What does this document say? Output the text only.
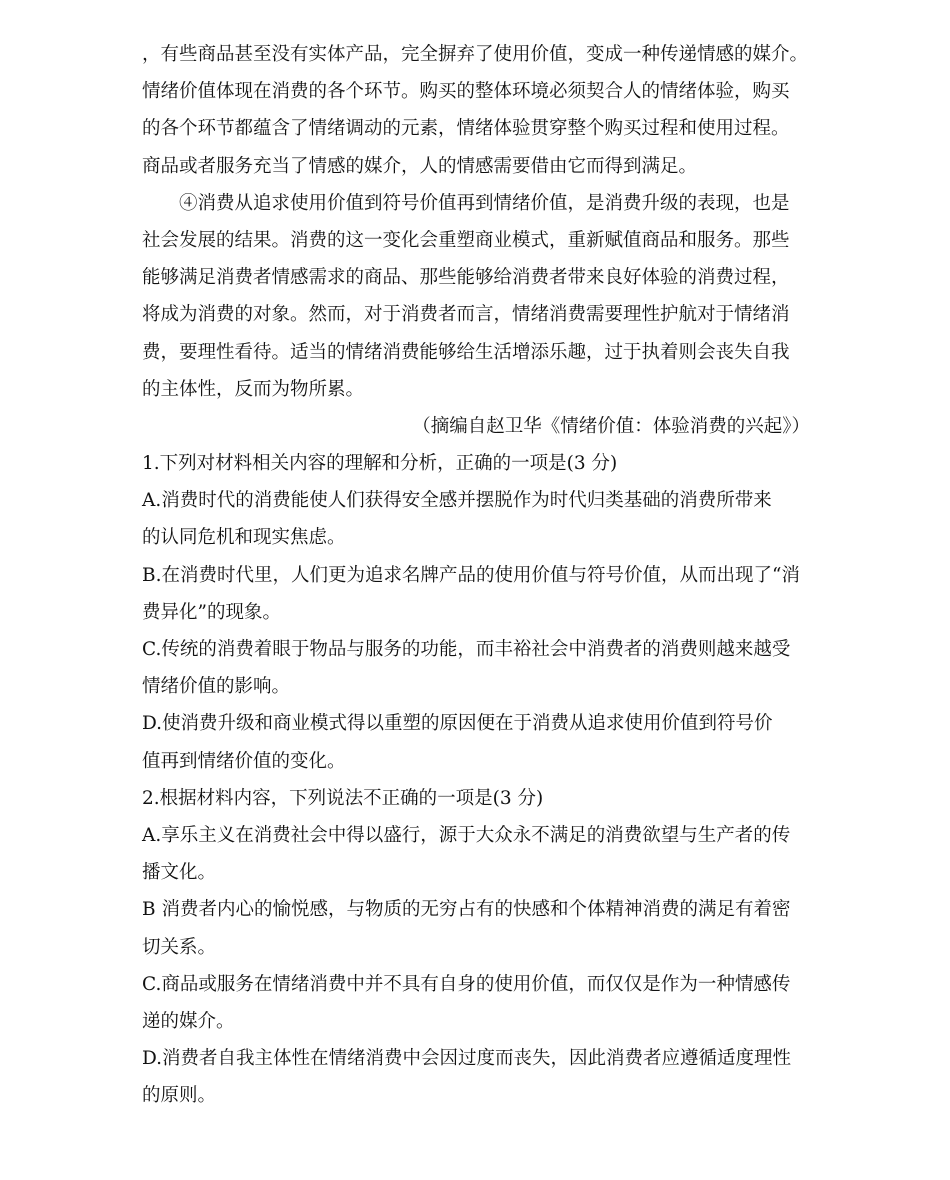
，有些商品甚至没有实体产品，完全摒弃了使用价值，变成一种传递情感的媒介。
情绪价值体现在消费的各个环节。购买的整体环境必须契合人的情绪体验，购买
的各个环节都蕴含了情绪调动的元素，情绪体验贯穿整个购买过程和使用过程。
商品或者服务充当了情感的媒介，人的情感需要借由它而得到满足。
④消费从追求使用价值到符号价值再到情绪价值，是消费升级的表现，也是
社会发展的结果。消费的这一变化会重塑商业模式，重新赋值商品和服务。那些
能够满足消费者情感需求的商品、那些能够给消费者带来良好体验的消费过程，
将成为消费的对象。然而，对于消费者而言，情绪消费需要理性护航对于情绪消
费，要理性看待。适当的情绪消费能够给生活增添乐趣，过于执着则会丧失自我
的主体性，反而为物所累。
（摘编自赵卫华《情绪价值：体验消费的兴起》）
1.下列对材料相关内容的理解和分析，正确的一项是(3 分)
A.消费时代的消费能使人们获得安全感并摆脱作为时代归类基础的消费所带来
的认同危机和现实焦虑。
B.在消费时代里，人们更为追求名牌产品的使用价值与符号价值，从而出现了“消
费异化”的现象。
C.传统的消费着眼于物品与服务的功能，而丰裕社会中消费者的消费则越来越受
情绪价值的影响。
D.使消费升级和商业模式得以重塑的原因便在于消费从追求使用价值到符号价
值再到情绪价值的变化。
2.根据材料内容，下列说法不正确的一项是(3 分)
A.享乐主义在消费社会中得以盛行，源于大众永不满足的消费欲望与生产者的传
播文化。
B 消费者内心的愉悦感，与物质的无穷占有的快感和个体精神消费的满足有着密
切关系。
C.商品或服务在情绪消费中并不具有自身的使用价值，而仅仅是作为一种情感传
递的媒介。
D.消费者自我主体性在情绪消费中会因过度而丧失，因此消费者应遵循适度理性
的原则。
